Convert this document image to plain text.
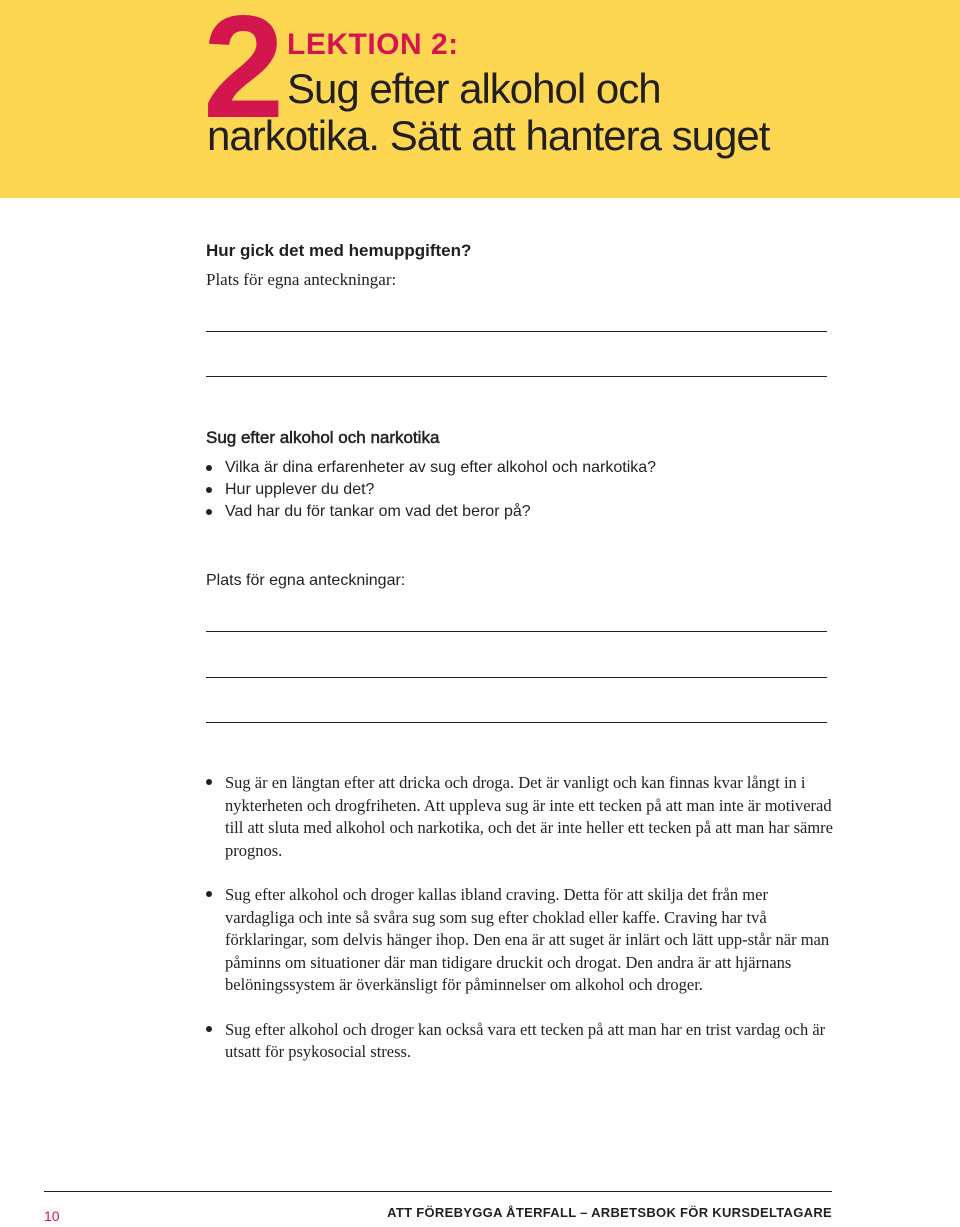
2 LEKTION 2:
Sug efter alkohol och
narkotika. Sätt att hantera suget
Hur gick det med hemuppgiften?
Plats för egna anteckningar:
Sug efter alkohol och narkotika
Vilka är dina erfarenheter av sug efter alkohol och narkotika?
Hur upplever du det?
Vad har du för tankar om vad det beror på?
Plats för egna anteckningar:
Sug är en längtan efter att dricka och droga. Det är vanligt och kan finnas kvar långt in i nykterheten och drogfriheten. Att uppleva sug är inte ett tecken på att man inte är motiverad till att sluta med alkohol och narkotika, och det är inte heller ett tecken på att man har sämre prognos.
Sug efter alkohol och droger kallas ibland craving. Detta för att skilja det från mer vardagliga och inte så svåra sug som sug efter choklad eller kaffe. Craving har två förklaringar, som delvis hänger ihop. Den ena är att suget är inlärt och lätt upp-står när man påminns om situationer där man tidigare druckit och drogat. Den andra är att hjärnans belöningssystem är överkänsligt för påminnelser om alkohol och droger.
Sug efter alkohol och droger kan också vara ett tecken på att man har en trist vardag och är utsatt för psykosocial stress.
10	ATT FÖREBYGGA ÅTERFALL – ARBETSBOK FÖR KURSDELTAGARE
